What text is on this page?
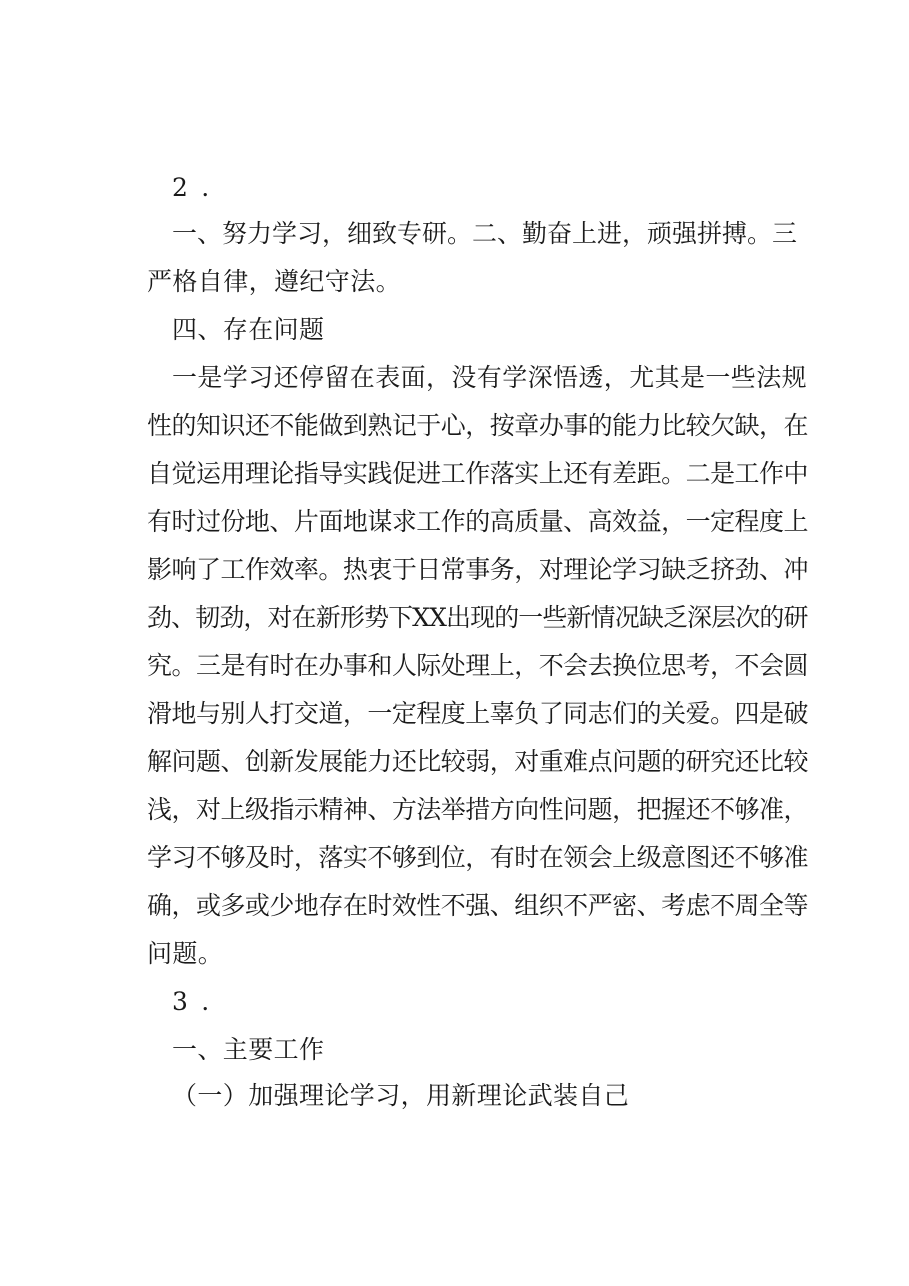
2.
一、努力学习，细致专研。二、勤奋上进，顽强拼搏。三
严格自律，遵纪守法。
四、存在问题
一是学习还停留在表面，没有学深悟透，尤其是一些法规
性的知识还不能做到熟记于心，按章办事的能力比较欠缺，在
自觉运用理论指导实践促进工作落实上还有差距。二是工作中
有时过份地、片面地谋求工作的高质量、高效益，一定程度上
影响了工作效率。热衷于日常事务，对理论学习缺乏挤劲、冲
劲、韧劲，对在新形势下XX出现的一些新情况缺乏深层次的研
究。三是有时在办事和人际处理上，不会去换位思考，不会圆
滑地与别人打交道，一定程度上辜负了同志们的关爱。四是破
解问题、创新发展能力还比较弱，对重难点问题的研究还比较
浅，对上级指示精神、方法举措方向性问题，把握还不够准，
学习不够及时，落实不够到位，有时在领会上级意图还不够准
确，或多或少地存在时效性不强、组织不严密、考虑不周全等
问题。
3.
一、主要工作
（一）加强理论学习，用新理论武装自己
